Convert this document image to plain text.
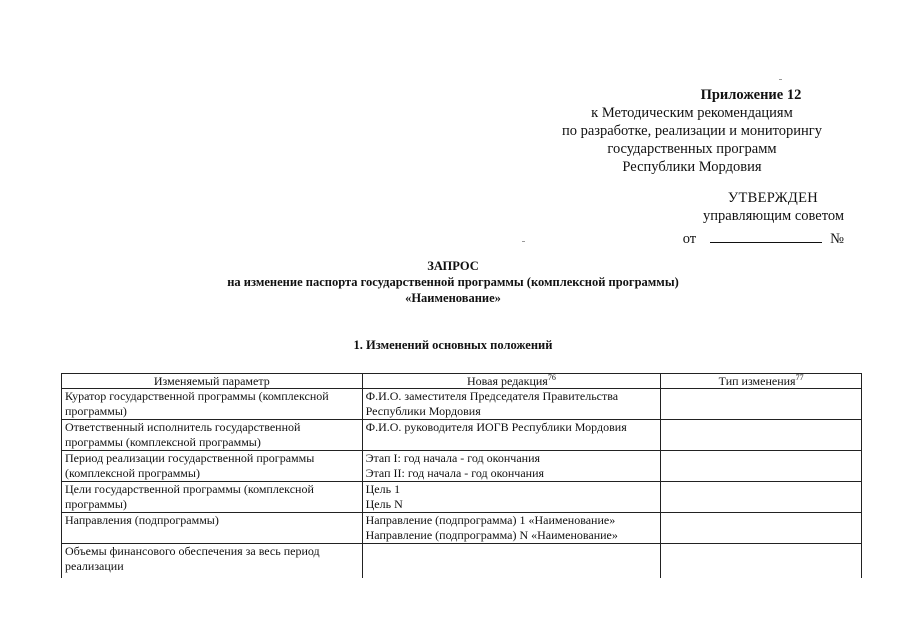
Приложение 12
к Методическим рекомендациям
по разработке, реализации и мониторингу
государственных программ
Республики Мордовия
УТВЕРЖДЕН
управляющим советом
от	№
ЗАПРОС
на изменение паспорта государственной программы (комплексной программы)
«Наименование»
1. Изменений основных положений
Изменяемый параметр	Новая редакция$^{76}$	Тип изменения$^{77}$
Куратор государственной программы (комплексной программы)	Ф.И.О. заместителя Председателя Правительства
Республики Мордовия	

Ответственный исполнитель государственной программы (комплексной программы)	Ф.И.О. руководителя ИОГВ Республики Мордовия	

Период реализации государственной программы (комплексной программы)	Этап I: год начала - год окончания
Этап II: год начала - год окончания	

Цели государственной программы (комплексной программы)	Цель 1
Цель N	

Направления (подпрограммы)	Направление (подпрограмма) 1 «Наименование»
Направление (подпрограмма) N «Наименование»	

Объемы финансового обеспечения за весь период реализации	
